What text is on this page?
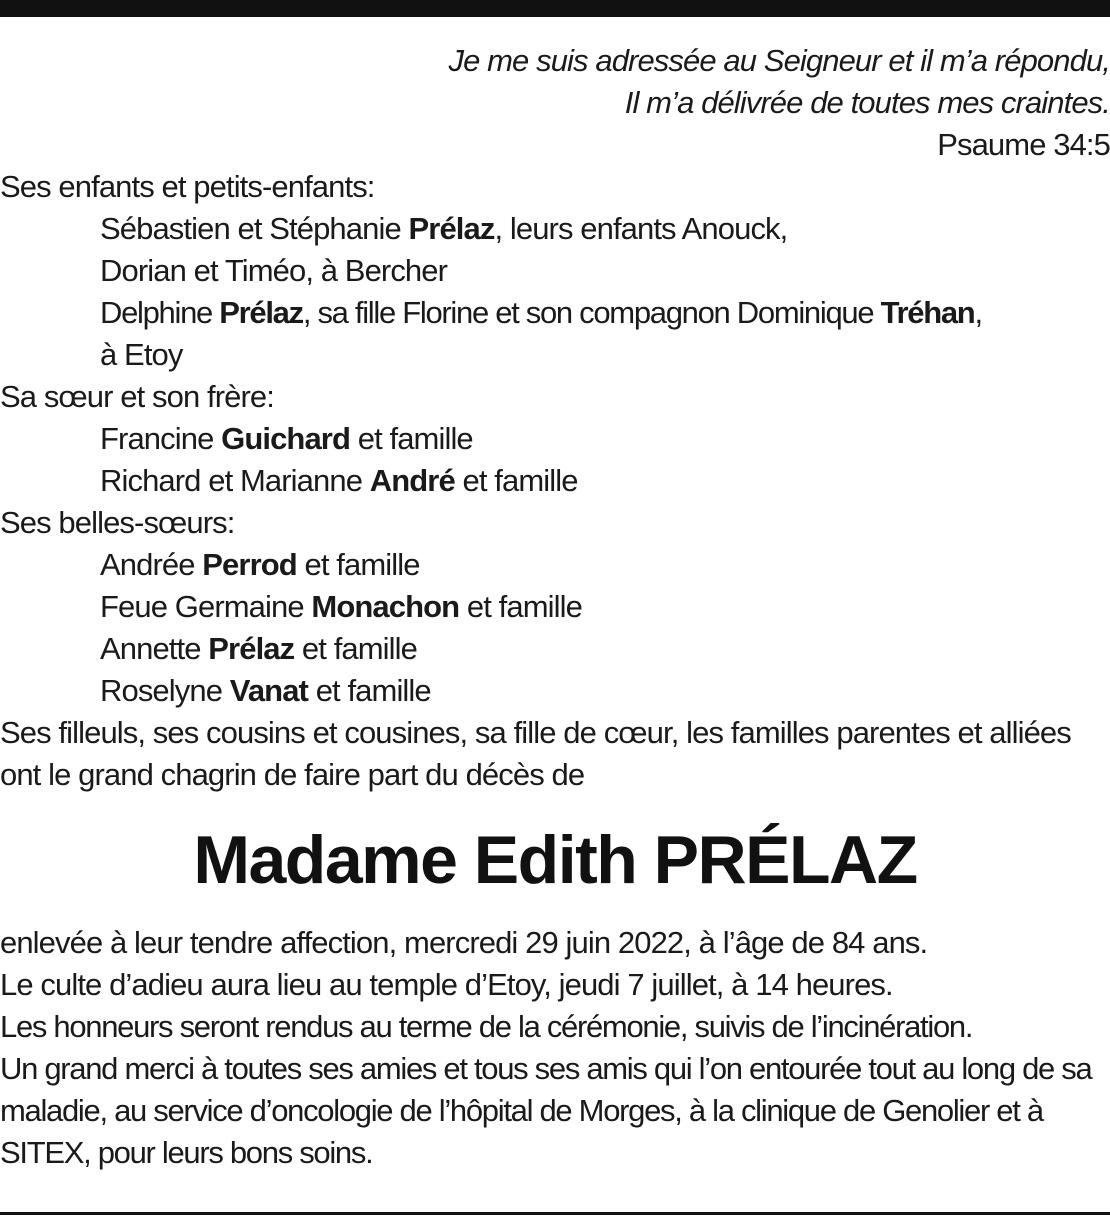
Je me suis adressée au Seigneur et il m’a répondu,
Il m’a délivrée de toutes mes craintes.
Psaume 34:5
Ses enfants et petits-enfants:
Sébastien et Stéphanie Prélaz, leurs enfants Anouck,
Dorian et Timéo, à Bercher
Delphine Prélaz, sa fille Florine et son compagnon Dominique Tréhan,
à Etoy
Sa sœur et son frère:
Francine Guichard et famille
Richard et Marianne André et famille
Ses belles-sœurs:
Andrée Perrod et famille
Feue Germaine Monachon et famille
Annette Prélaz et famille
Roselyne Vanat et famille
Ses filleuls, ses cousins et cousines, sa fille de cœur, les familles parentes et alliées
ont le grand chagrin de faire part du décès de
Madame Edith PRÉLAZ
enlevée à leur tendre affection, mercredi 29 juin 2022, à l’âge de 84 ans.
Le culte d’adieu aura lieu au temple d’Etoy, jeudi 7 juillet, à 14 heures.
Les honneurs seront rendus au terme de la cérémonie, suivis de l’incinération.
Un grand merci à toutes ses amies et tous ses amis qui l’on entourée tout au long de sa maladie, au service d’oncologie de l’hôpital de Morges, à la clinique de Genolier et à SITEX, pour leurs bons soins.
